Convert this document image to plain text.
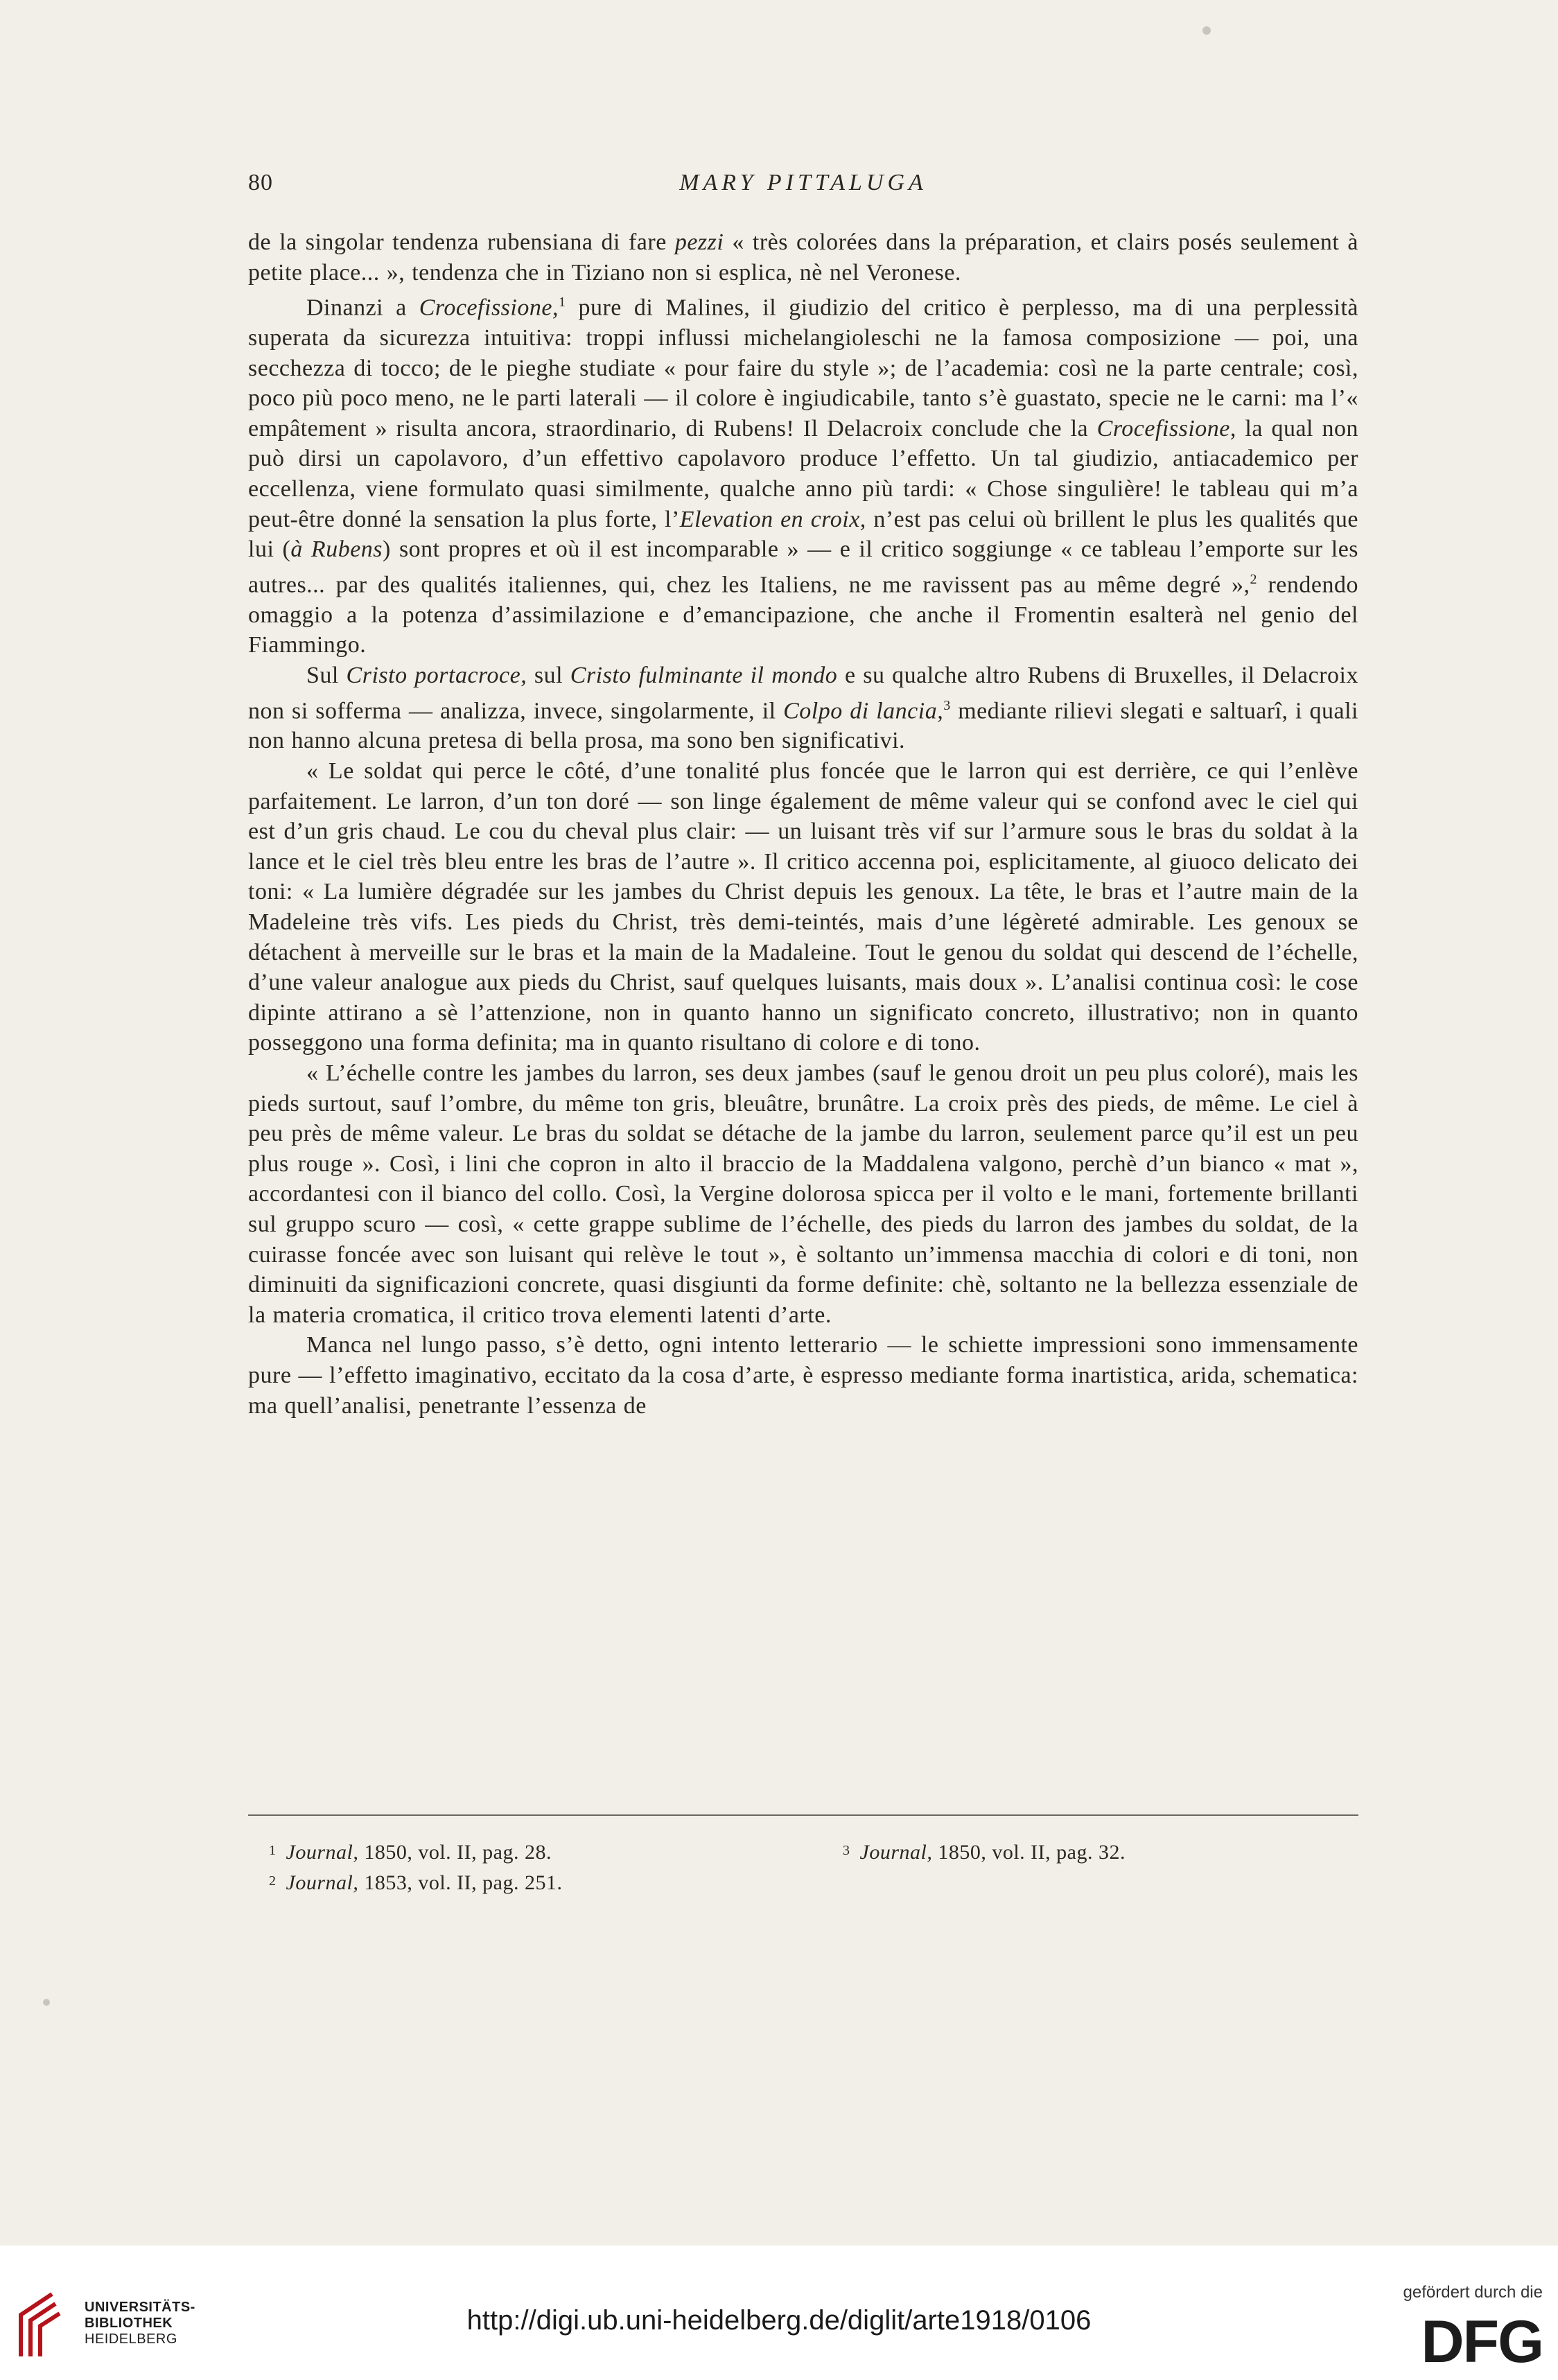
80	MARY PITTALUGA

de la singolar tendenza rubensiana di fare pezzi « très colorées dans la préparation, et clairs posés seulement à petite place... », tendenza che in Tiziano non si esplica, nè nel Veronese.

Dinanzi a Crocefissione,$^1$ pure di Malines, il giudizio del critico è perplesso, ma di una perplessità superata da sicurezza intuitiva: troppi influssi michelangioleschi ne la famosa composizione — poi, una secchezza di tocco; de le pieghe studiate « pour faire du style »; de l’academia: così ne la parte centrale; così, poco più poco meno, ne le parti laterali — il colore è ingiudicabile, tanto s’è guastato, specie ne le carni: ma l’« empâtement » risulta ancora, straordinario, di Rubens! Il Delacroix conclude che la Crocefissione, la qual non può dirsi un capolavoro, d’un effettivo capolavoro produce l’effetto. Un tal giudizio, antiacademico per eccellenza, viene formulato quasi similmente, qualche anno più tardi: « Chose singulière! le tableau qui m’a peut-être donné la sensation la plus forte, l’Elevation en croix, n’est pas celui où brillent le plus les qualités que lui (à Rubens) sont propres et où il est incomparable » — e il critico soggiunge « ce tableau l’emporte sur les autres... par des qualités italiennes, qui, chez les Italiens, ne me ravissent pas au même degré »,$^2$ rendendo omaggio a la potenza d’assimilazione e d’emancipazione, che anche il Fromentin esalterà nel genio del Fiammingo.

Sul Cristo portacroce, sul Cristo fulminante il mondo e su qualche altro Rubens di Bruxelles, il Delacroix non si sofferma — analizza, invece, singolarmente, il Colpo di lancia,$^3$ mediante rilievi slegati e saltuarî, i quali non hanno alcuna pretesa di bella prosa, ma sono ben significativi.

« Le soldat qui perce le côté, d’une tonalité plus foncée que le larron qui est derrière, ce qui l’enlève parfaitement. Le larron, d’un ton doré — son linge également de même valeur qui se confond avec le ciel qui est d’un gris chaud. Le cou du cheval plus clair: — un luisant très vif sur l’armure sous le bras du soldat à la lance et le ciel très bleu entre les bras de l’autre ». Il critico accenna poi, esplicitamente, al giuoco delicato dei toni: « La lumière dégradée sur les jambes du Christ depuis les genoux. La tête, le bras et l’autre main de la Madeleine très vifs. Les pieds du Christ, très demi-teintés, mais d’une légèreté admirable. Les genoux se détachent à merveille sur le bras et la main de la Madaleine. Tout le genou du soldat qui descend de l’échelle, d’une valeur analogue aux pieds du Christ, sauf quelques luisants, mais doux ». L’analisi continua così: le cose dipinte attirano a sè l’attenzione, non in quanto hanno un significato concreto, illustrativo; non in quanto posseggono una forma definita; ma in quanto risultano di colore e di tono.

« L’échelle contre les jambes du larron, ses deux jambes (sauf le genou droit un peu plus coloré), mais les pieds surtout, sauf l’ombre, du même ton gris, bleuâtre, brunâtre. La croix près des pieds, de même. Le ciel à peu près de même valeur. Le bras du soldat se détache de la jambe du larron, seulement parce qu’il est un peu plus rouge ». Così, i lini che copron in alto il braccio de la Maddalena valgono, perchè d’un bianco « mat », accordantesi con il bianco del collo. Così, la Vergine dolorosa spicca per il volto e le mani, fortemente brillanti sul gruppo scuro — così, « cette grappe sublime de l’échelle, des pieds du larron des jambes du soldat, de la cuirasse foncée avec son luisant qui relève le tout », è soltanto un’immensa macchia di colori e di toni, non diminuiti da significazioni concrete, quasi disgiunti da forme definite: chè, soltanto ne la bellezza essenziale de la materia cromatica, il critico trova elementi latenti d’arte.

Manca nel lungo passo, s’è detto, ogni intento letterario — le schiette impressioni sono immensamente pure — l’effetto imaginativo, eccitato da la cosa d’arte, è espresso mediante forma inartistica, arida, schematica: ma quell’analisi, penetrante l’essenza de

$^1$ Journal, 1850, vol. II, pag. 28.
$^2$ Journal, 1853, vol. II, pag. 251.
$^3$ Journal, 1850, vol. II, pag. 32.
UNIVERSITÄTS-
BIBLIOTHEK
HEIDELBERG
http://digi.ub.uni-heidelberg.de/diglit/arte1918/0106
gefördert durch die
DFG
